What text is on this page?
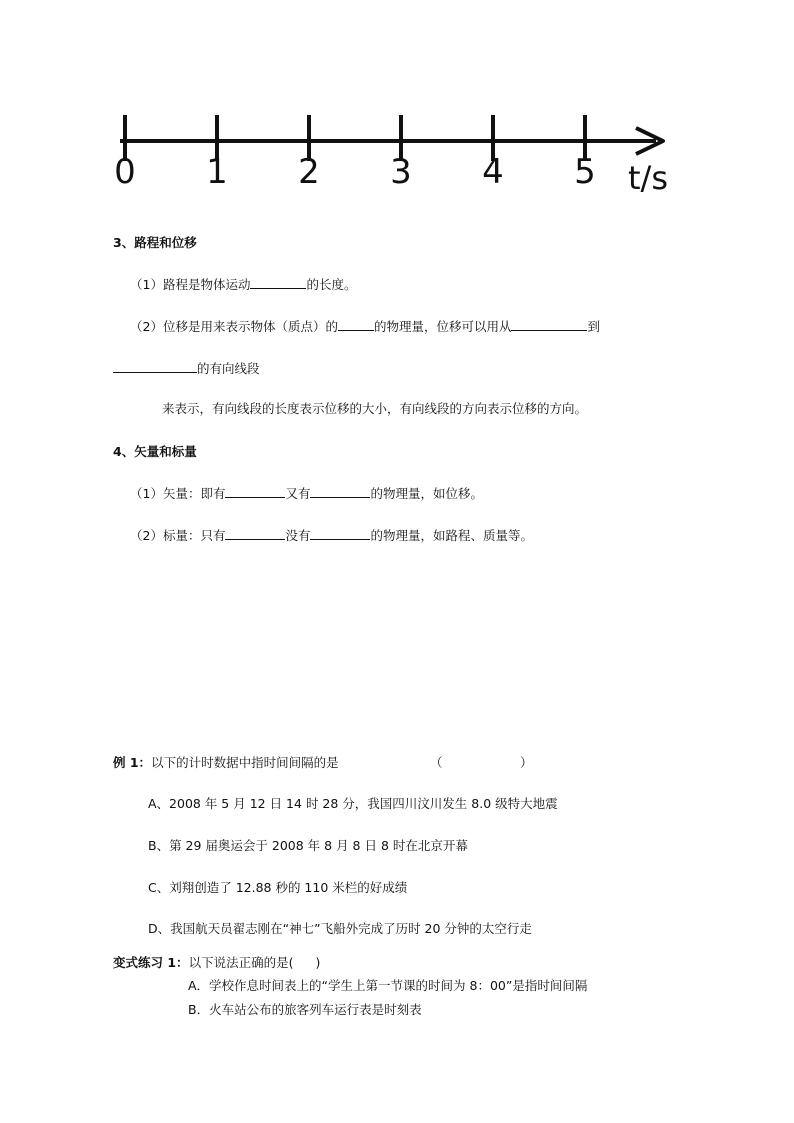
0 1 2 3 4 5 t/s
3、路程和位移
（1）路程是物体运动	的长度。
（2）位移是用来表示物体（质点）的	的物理量，位移可以用从	到
的有向线段
来表示，有向线段的长度表示位移的大小，有向线段的方向表示位移的方向。
4、矢量和标量
（1）矢量：即有	又有	的物理量，如位移。
（2）标量：只有	没有	的物理量，如路程、质量等。
例 1：以下的计时数据中指时间间隔的是	（	）
A、2008 年 5 月 12 日 14 时 28 分，我国四川汶川发生 8.0 级特大地震
B、第 29 届奥运会于 2008 年 8 月 8 日 8 时在北京开幕
C、刘翔创造了 12.88 秒的 110 米栏的好成绩
D、我国航天员翟志刚在“神七”飞船外完成了历时 20 分钟的太空行走
变式练习 1：以下说法正确的是( )
A．学校作息时间表上的“学生上第一节课的时间为 8：00”是指时间间隔
B．火车站公布的旅客列车运行表是时刻表
